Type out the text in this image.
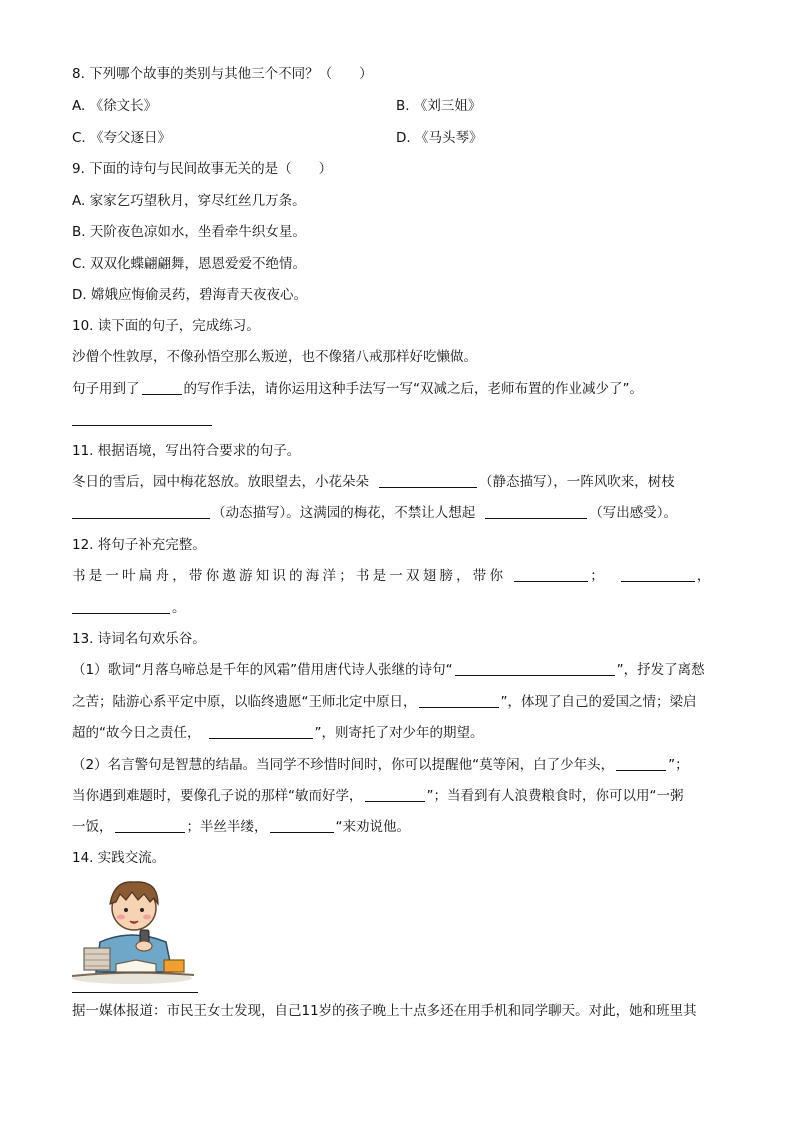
8. 下列哪个故事的类别与其他三个不同？（　　）
A. 《徐文长》	B. 《刘三姐》
C. 《夸父逐日》	D. 《马头琴》
9. 下面的诗句与民间故事无关的是（　　）
A. 家家乞巧望秋月，穿尽红丝几万条。
B. 天阶夜色凉如水，坐看牵牛织女星。
C. 双双化蝶翩翩舞，恩恩爱爱不绝情。
D. 嫦娥应悔偷灵药，碧海青天夜夜心。
10. 读下面的句子，完成练习。
沙僧个性敦厚，不像孙悟空那么叛逆，也不像猪八戒那样好吃懒做。
句子用到了	的写作手法，请你运用这种手法写一写“双减之后，老师布置的作业减少了”。
11. 根据语境，写出符合要求的句子。
冬日的雪后，园中梅花怒放。放眼望去，小花朵朵	（静态描写），一阵风吹来，树枝
（动态描写）。这满园的梅花，不禁让人想起	（写出感受）。
12. 将句子补充完整。
书是一叶扁舟，带你遨游知识的海洋；书是一双翅膀，带你	；	，
。
13. 诗词名句欢乐谷。
（1）歌词“月落乌啼总是千年的风霜”借用唐代诗人张继的诗句“	”，抒发了离愁
之苦；陆游心系平定中原，以临终遗愿“王师北定中原日，	”，体现了自己的爱国之情；梁启
超的“故今日之责任，	”，则寄托了对少年的期望。
（2）名言警句是智慧的结晶。当同学不珍惜时间时，你可以提醒他“莫等闲，白了少年头，	”；
当你遇到难题时，要像孔子说的那样“敏而好学，	”；当看到有人浪费粮食时，你可以用“一粥
一饭，	；半丝半缕，	“来劝说他。
14. 实践交流。
据一媒体报道：市民王女士发现，自己11岁的孩子晚上十点多还在用手机和同学聊天。对此，她和班里其
